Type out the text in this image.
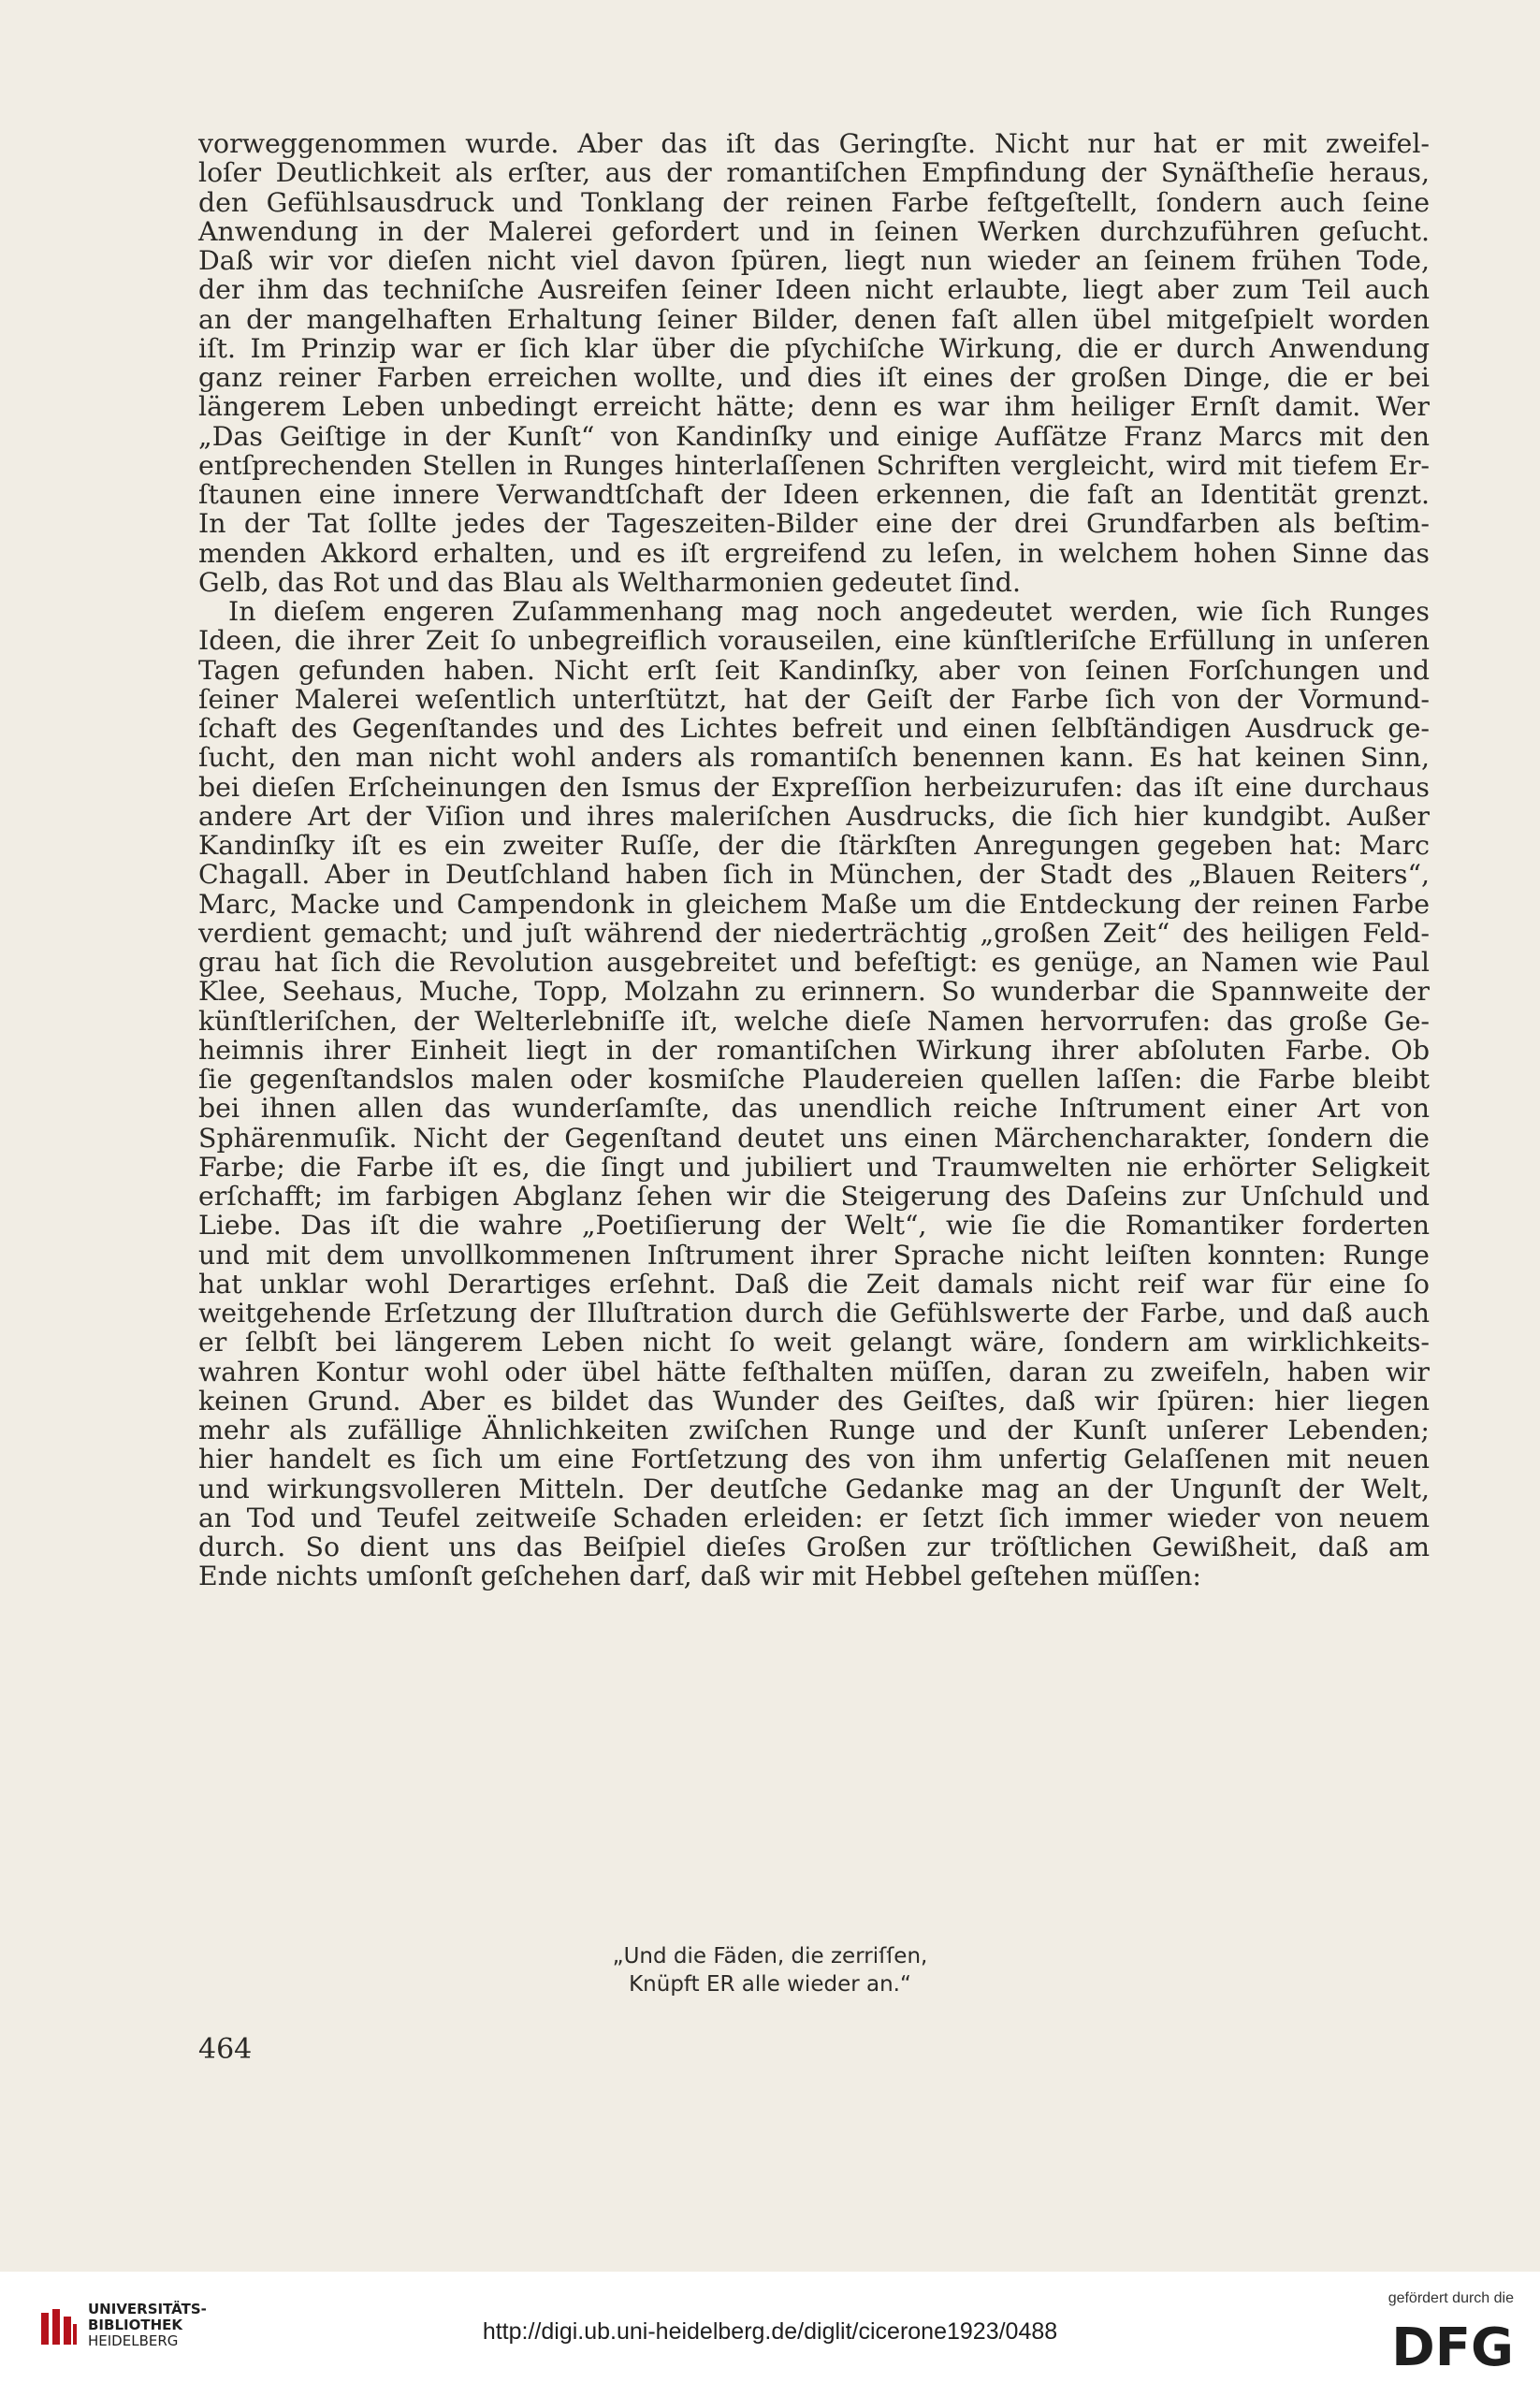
vorweggenommen wurde. Aber das iſt das Geringſte. Nicht nur hat er mit zweifel-
loſer Deutlichkeit als erſter, aus der romantiſchen Empfindung der Synäſtheſie heraus,
den Gefühlsausdruck und Tonklang der reinen Farbe feſtgeſtellt, ſondern auch ſeine
Anwendung in der Malerei gefordert und in ſeinen Werken durchzuführen geſucht.
Daß wir vor dieſen nicht viel davon ſpüren, liegt nun wieder an ſeinem frühen Tode,
der ihm das techniſche Ausreifen ſeiner Ideen nicht erlaubte, liegt aber zum Teil auch
an der mangelhaften Erhaltung ſeiner Bilder, denen faſt allen übel mitgeſpielt worden
iſt. Im Prinzip war er ſich klar über die pſychiſche Wirkung, die er durch Anwendung
ganz reiner Farben erreichen wollte, und dies iſt eines der großen Dinge, die er bei
längerem Leben unbedingt erreicht hätte; denn es war ihm heiliger Ernſt damit. Wer
„Das Geiſtige in der Kunſt“ von Kandinſky und einige Aufſätze Franz Marcs mit den
entſprechenden Stellen in Runges hinterlaſſenen Schriften vergleicht, wird mit tiefem Er-
ſtaunen eine innere Verwandtſchaft der Ideen erkennen, die faſt an Identität grenzt.
In der Tat ſollte jedes der Tageszeiten-Bilder eine der drei Grundfarben als beſtim-
menden Akkord erhalten, und es iſt ergreifend zu leſen, in welchem hohen Sinne das
Gelb, das Rot und das Blau als Weltharmonien gedeutet ſind.
In dieſem engeren Zuſammenhang mag noch angedeutet werden, wie ſich Runges
Ideen, die ihrer Zeit ſo unbegreiflich vorauseilen, eine künſtleriſche Erfüllung in unſeren
Tagen gefunden haben. Nicht erſt ſeit Kandinſky, aber von ſeinen Forſchungen und
ſeiner Malerei weſentlich unterſtützt, hat der Geiſt der Farbe ſich von der Vormund-
ſchaft des Gegenſtandes und des Lichtes befreit und einen ſelbſtändigen Ausdruck ge-
ſucht, den man nicht wohl anders als romantiſch benennen kann. Es hat keinen Sinn,
bei dieſen Erſcheinungen den Ismus der Expreſſion herbeizurufen: das iſt eine durchaus
andere Art der Viſion und ihres maleriſchen Ausdrucks, die ſich hier kundgibt. Außer
Kandinſky iſt es ein zweiter Ruſſe, der die ſtärkſten Anregungen gegeben hat: Marc
Chagall. Aber in Deutſchland haben ſich in München, der Stadt des „Blauen Reiters“,
Marc, Macke und Campendonk in gleichem Maße um die Entdeckung der reinen Farbe
verdient gemacht; und juſt während der niederträchtig „großen Zeit“ des heiligen Feld-
grau hat ſich die Revolution ausgebreitet und befeſtigt: es genüge, an Namen wie Paul
Klee, Seehaus, Muche, Topp, Molzahn zu erinnern. So wunderbar die Spannweite der
künſtleriſchen, der Welterlebniſſe iſt, welche dieſe Namen hervorrufen: das große Ge-
heimnis ihrer Einheit liegt in der romantiſchen Wirkung ihrer abſoluten Farbe. Ob
ſie gegenſtandslos malen oder kosmiſche Plaudereien quellen laſſen: die Farbe bleibt
bei ihnen allen das wunderſamſte, das unendlich reiche Inſtrument einer Art von
Sphärenmuſik. Nicht der Gegenſtand deutet uns einen Märchencharakter, ſondern die
Farbe; die Farbe iſt es, die ſingt und jubiliert und Traumwelten nie erhörter Seligkeit
erſchafft; im farbigen Abglanz ſehen wir die Steigerung des Daſeins zur Unſchuld und
Liebe. Das iſt die wahre „Poetiſierung der Welt“, wie ſie die Romantiker forderten
und mit dem unvollkommenen Inſtrument ihrer Sprache nicht leiſten konnten: Runge
hat unklar wohl Derartiges erſehnt. Daß die Zeit damals nicht reif war für eine ſo
weitgehende Erſetzung der Illuſtration durch die Gefühlswerte der Farbe, und daß auch
er ſelbſt bei längerem Leben nicht ſo weit gelangt wäre, ſondern am wirklichkeits-
wahren Kontur wohl oder übel hätte feſthalten müſſen, daran zu zweifeln, haben wir
keinen Grund. Aber es bildet das Wunder des Geiſtes, daß wir ſpüren: hier liegen
mehr als zufällige Ähnlichkeiten zwiſchen Runge und der Kunſt unſerer Lebenden;
hier handelt es ſich um eine Fortſetzung des von ihm unfertig Gelaſſenen mit neuen
und wirkungsvolleren Mitteln. Der deutſche Gedanke mag an der Ungunſt der Welt,
an Tod und Teufel zeitweiſe Schaden erleiden: er ſetzt ſich immer wieder von neuem
durch. So dient uns das Beiſpiel dieſes Großen zur tröſtlichen Gewißheit, daß am
Ende nichts umſonſt geſchehen darf, daß wir mit Hebbel geſtehen müſſen:
„Und die Fäden, die zerriſſen,
Knüpft ER alle wieder an.“
464
UNIVERSITÄTS-
BIBLIOTHEK
HEIDELBERG	http://digi.ub.uni-heidelberg.de/diglit/cicerone1923/0488
gefördert durch die
DFG
